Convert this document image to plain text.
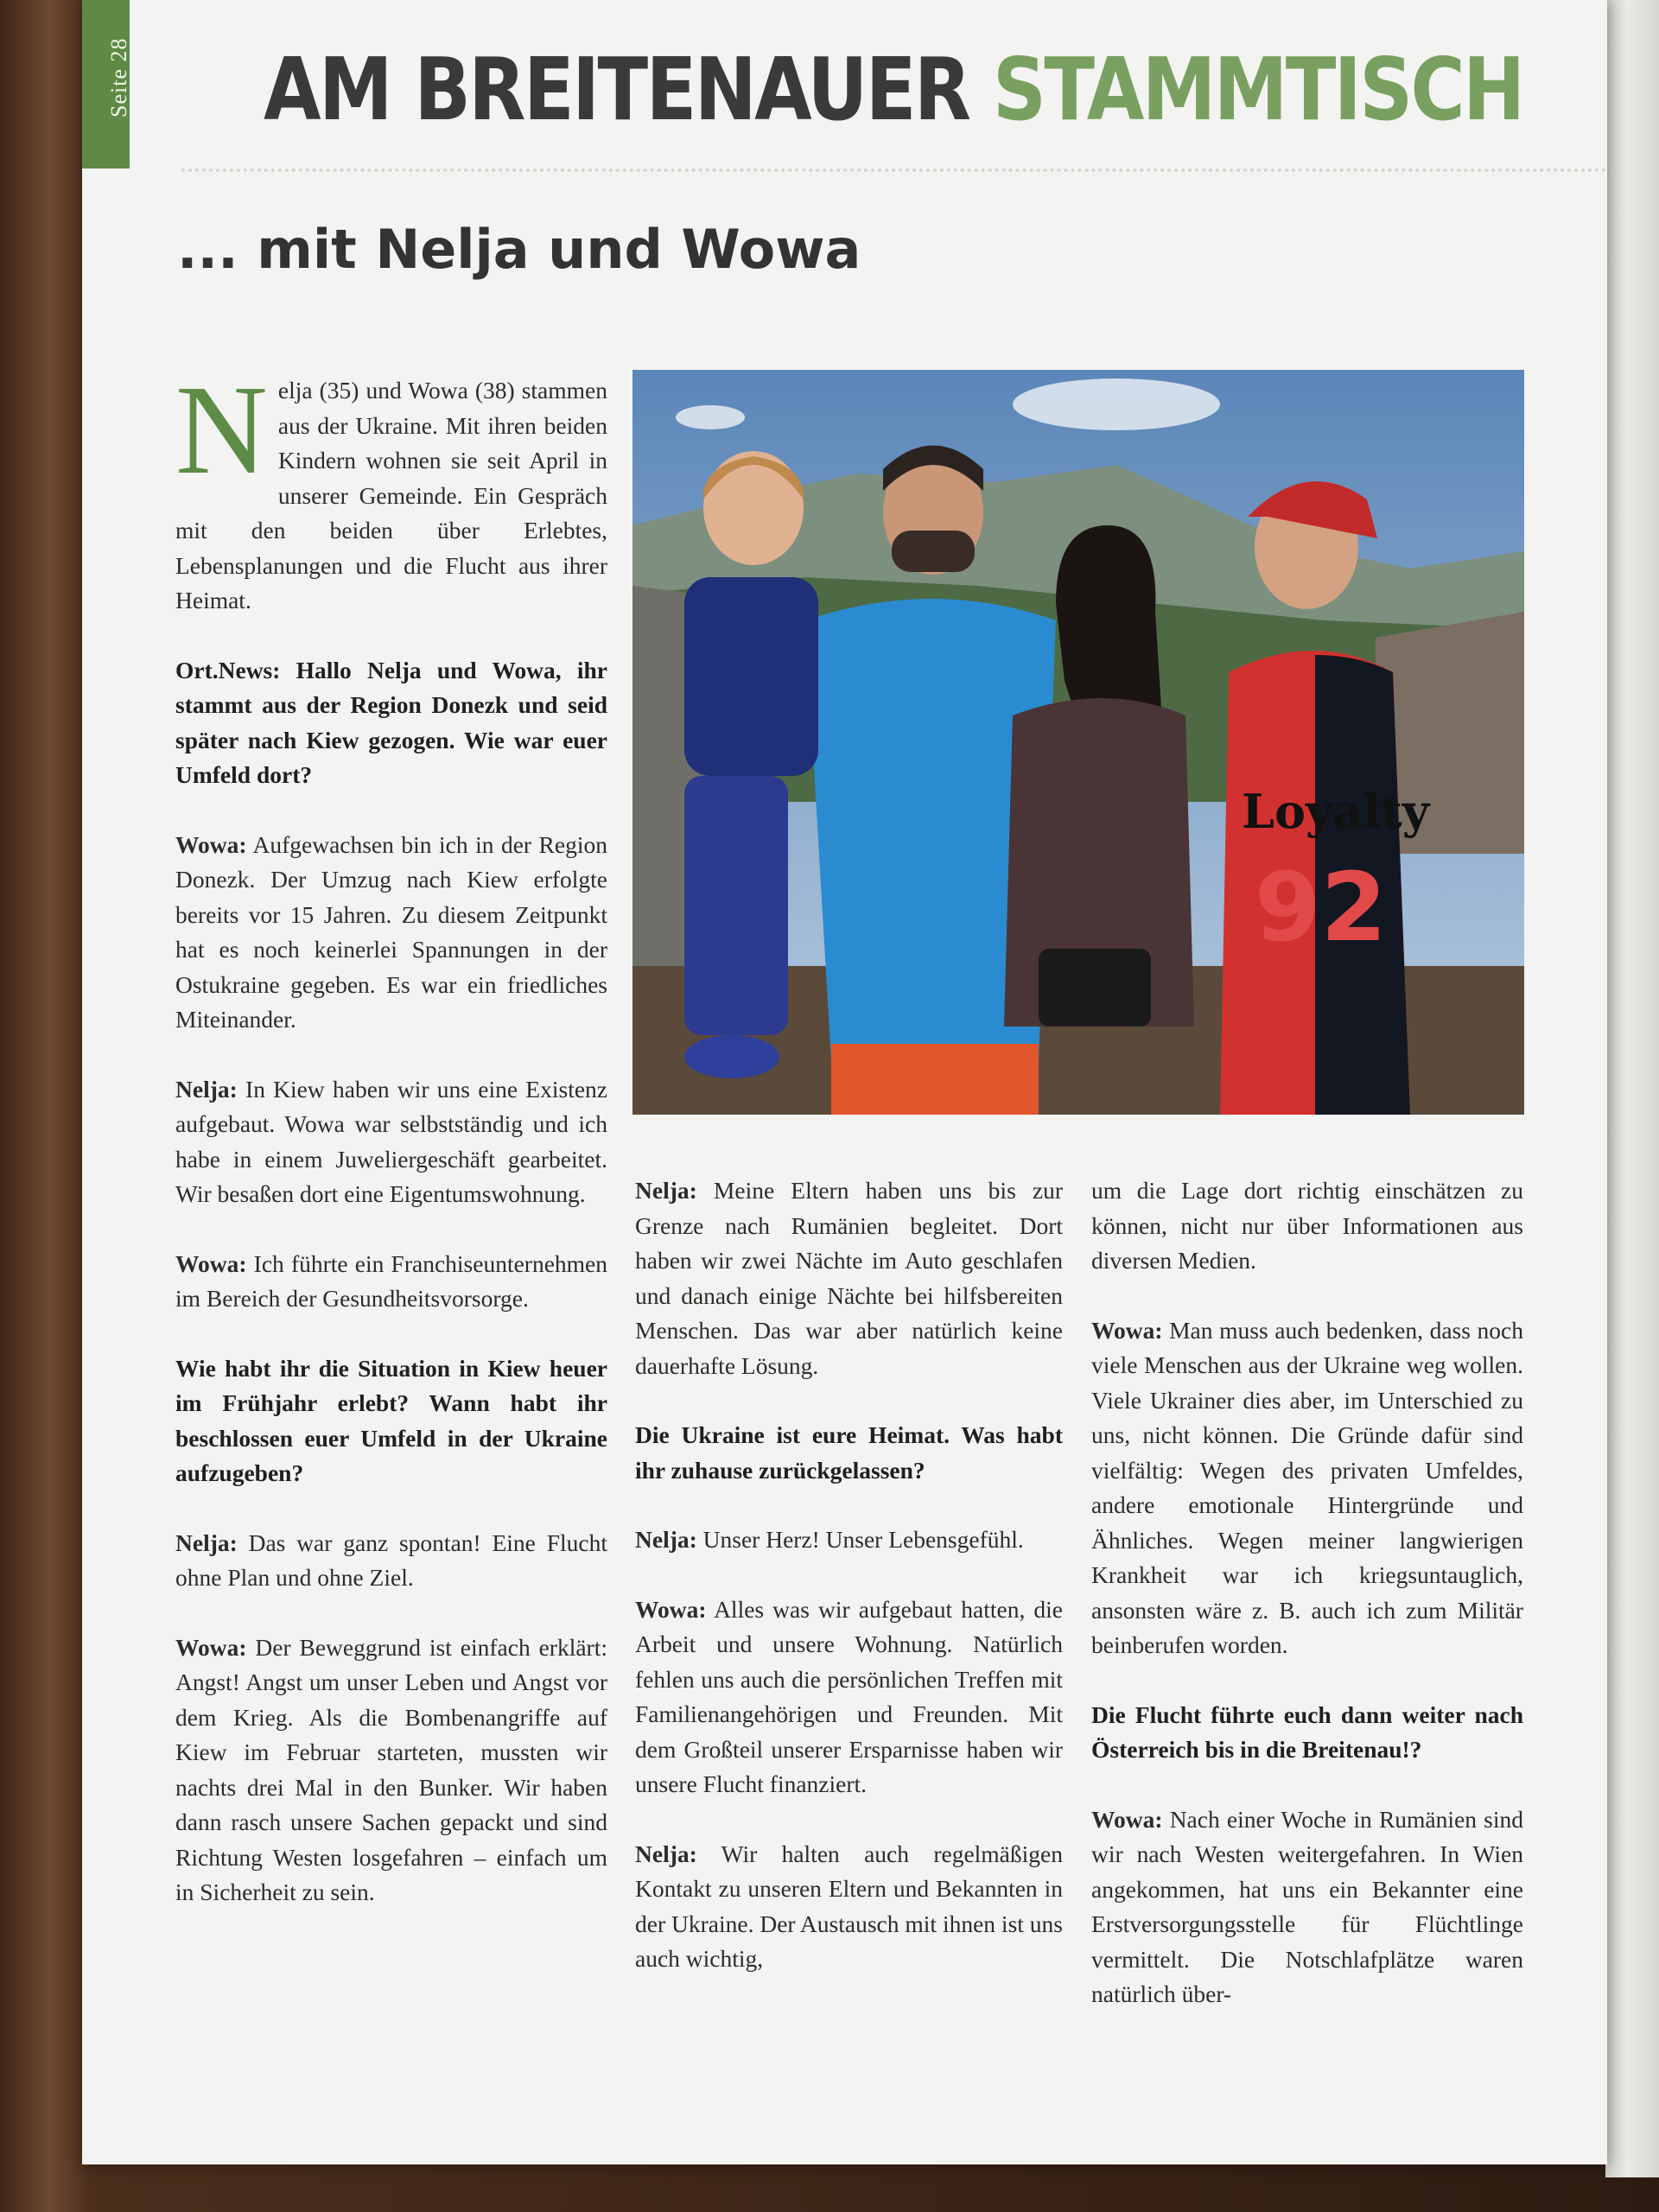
Seite 28 AM BREITENAUER STAMMTISCH
... mit Nelja und Wowa

Nelja (35) und Wowa (38) stammen aus der Ukraine. Mit ihren beiden Kindern wohnen sie seit April in unserer Gemeinde. Ein Gespräch mit den beiden über Erlebtes, Lebensplanungen und die Flucht aus ihrer Heimat.

Ort.News: Hallo Nelja und Wowa, ihr stammt aus der Region Donezk und seid später nach Kiew gezogen. Wie war euer Umfeld dort?

Wowa: Aufgewachsen bin ich in der Region Donezk. Der Umzug nach Kiew erfolgte bereits vor 15 Jahren. Zu diesem Zeitpunkt hat es noch keinerlei Spannungen in der Ostukraine gegeben. Es war ein friedliches Miteinander.

Nelja: In Kiew haben wir uns eine Existenz aufgebaut. Wowa war selbstständig und ich habe in einem Juweliergeschäft gearbeitet. Wir besaßen dort eine Eigentumswohnung.

Wowa: Ich führte ein Franchiseunternehmen im Bereich der Gesundheitsvorsorge.

Wie habt ihr die Situation in Kiew heuer im Frühjahr erlebt? Wann habt ihr beschlossen euer Umfeld in der Ukraine aufzugeben?

Nelja: Das war ganz spontan! Eine Flucht ohne Plan und ohne Ziel.

Wowa: Der Beweggrund ist einfach erklärt: Angst! Angst um unser Leben und Angst vor dem Krieg. Als die Bombenangriffe auf Kiew im Februar starteten, mussten wir nachts drei Mal in den Bunker. Wir haben dann rasch unsere Sachen gepackt und sind Richtung Westen losgefahren – einfach um in Sicherheit zu sein.

Loyalty
92

Nelja: Meine Eltern haben uns bis zur Grenze nach Rumänien begleitet. Dort haben wir zwei Nächte im Auto geschlafen und danach einige Nächte bei hilfsbereiten Menschen. Das war aber natürlich keine dauerhafte Lösung.

Die Ukraine ist eure Heimat. Was habt ihr zuhause zurückgelassen?

Nelja: Unser Herz! Unser Lebensgefühl.

Wowa: Alles was wir aufgebaut hatten, die Arbeit und unsere Wohnung. Natürlich fehlen uns auch die persönlichen Treffen mit Familienangehörigen und Freunden. Mit dem Großteil unserer Ersparnisse haben wir unsere Flucht finanziert.

Nelja: Wir halten auch regelmäßigen Kontakt zu unseren Eltern und Bekannten in der Ukraine. Der Austausch mit ihnen ist uns auch wichtig,

um die Lage dort richtig einschätzen zu können, nicht nur über Informationen aus diversen Medien.

Wowa: Man muss auch bedenken, dass noch viele Menschen aus der Ukraine weg wollen. Viele Ukrainer dies aber, im Unterschied zu uns, nicht können. Die Gründe dafür sind vielfältig: Wegen des privaten Umfeldes, andere emotionale Hintergründe und Ähnliches. Wegen meiner langwierigen Krankheit war ich kriegsuntauglich, ansonsten wäre z. B. auch ich zum Militär beinberufen worden.

Die Flucht führte euch dann weiter nach Österreich bis in die Breitenau!?

Wowa: Nach einer Woche in Rumänien sind wir nach Westen weitergefahren. In Wien angekommen, hat uns ein Bekannter eine Erstversorgungsstelle für Flüchtlinge vermittelt. Die Notschlafplätze waren natürlich über-
